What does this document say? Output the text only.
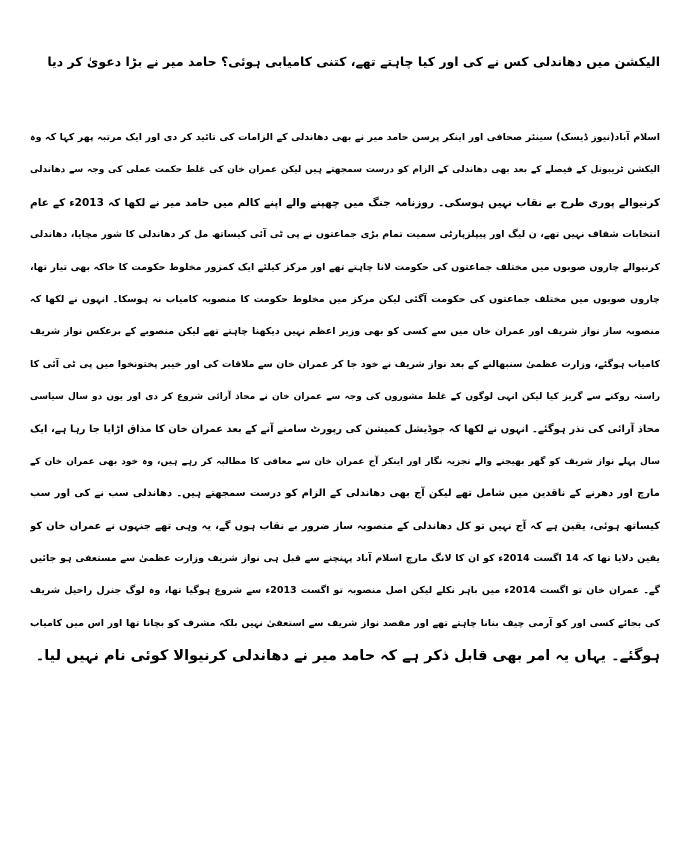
الیکشن میں دھاندلی کس نے کی اور کیا چاہتے تھے، کتنی کامیابی ہوئی؟ حامد میر نے بڑا دعویٰ کر دیا
اسلام آباد(نیوز ڈیسک) سینئر صحافی اور اینکر پرسن حامد میر نے بھی دھاندلی کے الزامات کی تائید کر دی اور ایک مرتبہ پھر کہا کہ وہ
الیکشن ٹریبونل کے فیصلے کے بعد بھی دھاندلی کے الزام کو درست سمجھتے ہیں لیکن عمران خان کی غلط حکمت عملی کی وجہ سے دھاندلی
کرنیوالے پوری طرح بے نقاب نہیں ہوسکی۔ روزنامہ جنگ میں چھپنے والے اپنے کالم میں حامد میر نے لکھا کہ 2013ء کے عام
انتخابات شفاف نہیں تھے، ن لیگ اور پیپلزپارٹی سمیت تمام بڑی جماعتوں نے پی ٹی آئی کیساتھ مل کر دھاندلی کا شور مچایا، دھاندلی
کرنیوالے چاروں صوبوں میں مختلف جماعتوں کی حکومت لانا چاہتے تھے اور مرکز کیلئے ایک کمزور مخلوط حکومت کا خاکہ بھی تیار تھا،
چاروں صوبوں میں مختلف جماعتوں کی حکومت آگئی لیکن مرکز میں مخلوط حکومت کا منصوبہ کامیاب نہ ہوسکا۔ انہوں نے لکھا کہ
منصوبہ ساز نواز شریف اور عمران خان میں سے کسی کو بھی وزیر اعظم نہیں دیکھنا چاہتے تھے لیکن منصوبے کے برعکس نواز شریف
کامیاب ہوگئے، وزارت عظمیٰ سنبھالنے کے بعد نواز شریف نے خود جا کر عمران خان سے ملاقات کی اور خیبر پختونخوا میں پی ٹی آئی کا
راستہ روکنے سے گریز کیا لیکن انہی لوگوں کے غلط مشوروں کی وجہ سے عمران خان نے محاذ آرائی شروع کر دی اور یوں دو سال سیاسی
محاذ آرائی کی نذر ہوگئے۔ انہوں نے لکھا کہ جوڈیشل کمیشن کی رپورٹ سامنے آنے کے بعد عمران خان کا مذاق اڑایا جا رہا ہے، ایک
سال پہلے نواز شریف کو گھر بھیجنے والے تجزیہ نگار اور اینکر آج عمران خان سے معافی کا مطالبہ کر رہے ہیں، وہ خود بھی عمران خان کے
مارچ اور دھرنے کے ناقدین میں شامل تھے لیکن آج بھی دھاندلی کے الزام کو درست سمجھتے ہیں۔ دھاندلی سب نے کی اور سب
کیساتھ ہوئی، یقین ہے کہ آج نہیں تو کل دھاندلی کے منصوبہ ساز ضرور بے نقاب ہوں گے، یہ وہی تھے جنہوں نے عمران خان کو
یقین دلایا تھا کہ 14 اگست 2014ء کو ان کا لانگ مارچ اسلام آباد پہنچنے سے قبل ہی نواز شریف وزارت عظمیٰ سے مستعفی ہو جائیں
گے۔ عمران خان تو اگست 2014ء میں باہر نکلے لیکن اصل منصوبہ تو اگست 2013ء سے شروع ہوگیا تھا، وہ لوگ جنرل راحیل شریف
کی بجائے کسی اور کو آرمی چیف بنانا چاہتے تھے اور مقصد نواز شریف سے استعفیٰ نہیں بلکہ مشرف کو بچانا تھا اور اس میں کامیاب
ہوگئے۔ یہاں یہ امر بھی قابل ذکر ہے کہ حامد میر نے دھاندلی کرنیوالا کوئی نام نہیں لیا۔
